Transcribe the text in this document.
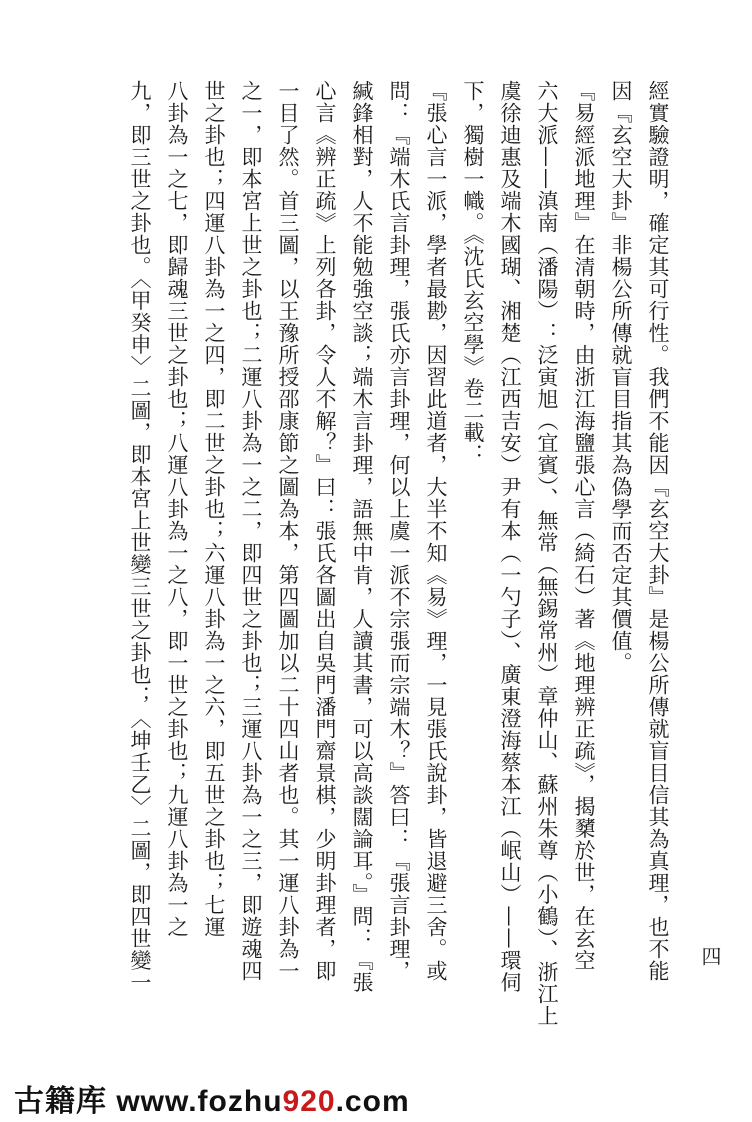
經實驗證明，確定其可行性。我們不能因『玄空大卦』是楊公所傳就盲目信其為真理，也不能
因『玄空大卦』非楊公所傳就盲目指其為偽學而否定其價值。
『易經派地理』在清朝時，由浙江海鹽張心言（綺石）著《地理辨正疏》，揭櫫於世，在玄空
六大派——滇南（潘陽）：泛寅旭（宜賓）、無常（無錫常州）章仲山、蘇州朱尊（小鶴）、浙江上
虞徐迪惠及端木國瑚、湘楚（江西吉安）尹有本（一勺子）、廣東澄海蔡本江（岷山）——環伺
下，獨樹一幟。《沈氏玄空學》卷二載：
『張心言一派，學者最尠，因習此道者，大半不知《易》理，一見張氏說卦，皆退避三舍。或
問：『端木氏言卦理，張氏亦言卦理，何以上虞一派不宗張而宗端木？』答曰：『張言卦理，
緘鋒相對，人不能勉強空談；端木言卦理，語無中肯，人讀其書，可以高談闊論耳。』問：『張
心言《辨正疏》上列各卦，令人不解？』曰：張氏各圖出自吳門潘門齋景棋，少明卦理者，即
一目了然。首三圖，以王豫所授邵康節之圖為本，第四圖加以二十四山者也。其一運八卦為一
之一，即本宮上世之卦也；二運八卦為一之二，即四世之卦也；三運八卦為一之三，即遊魂四
世之卦也；四運八卦為一之四，即二世之卦也；六運八卦為一之六，即五世之卦也；七運
八卦為一之七，即歸魂三世之卦也；八運八卦為一之八，即一世之卦也；九運八卦為一之
九，即三世之卦也。〈甲癸申〉二圖，即本宮上世變三世之卦也；〈坤壬乙〉二圖，即四世變一	四
古籍库 www.fozhu920.com
